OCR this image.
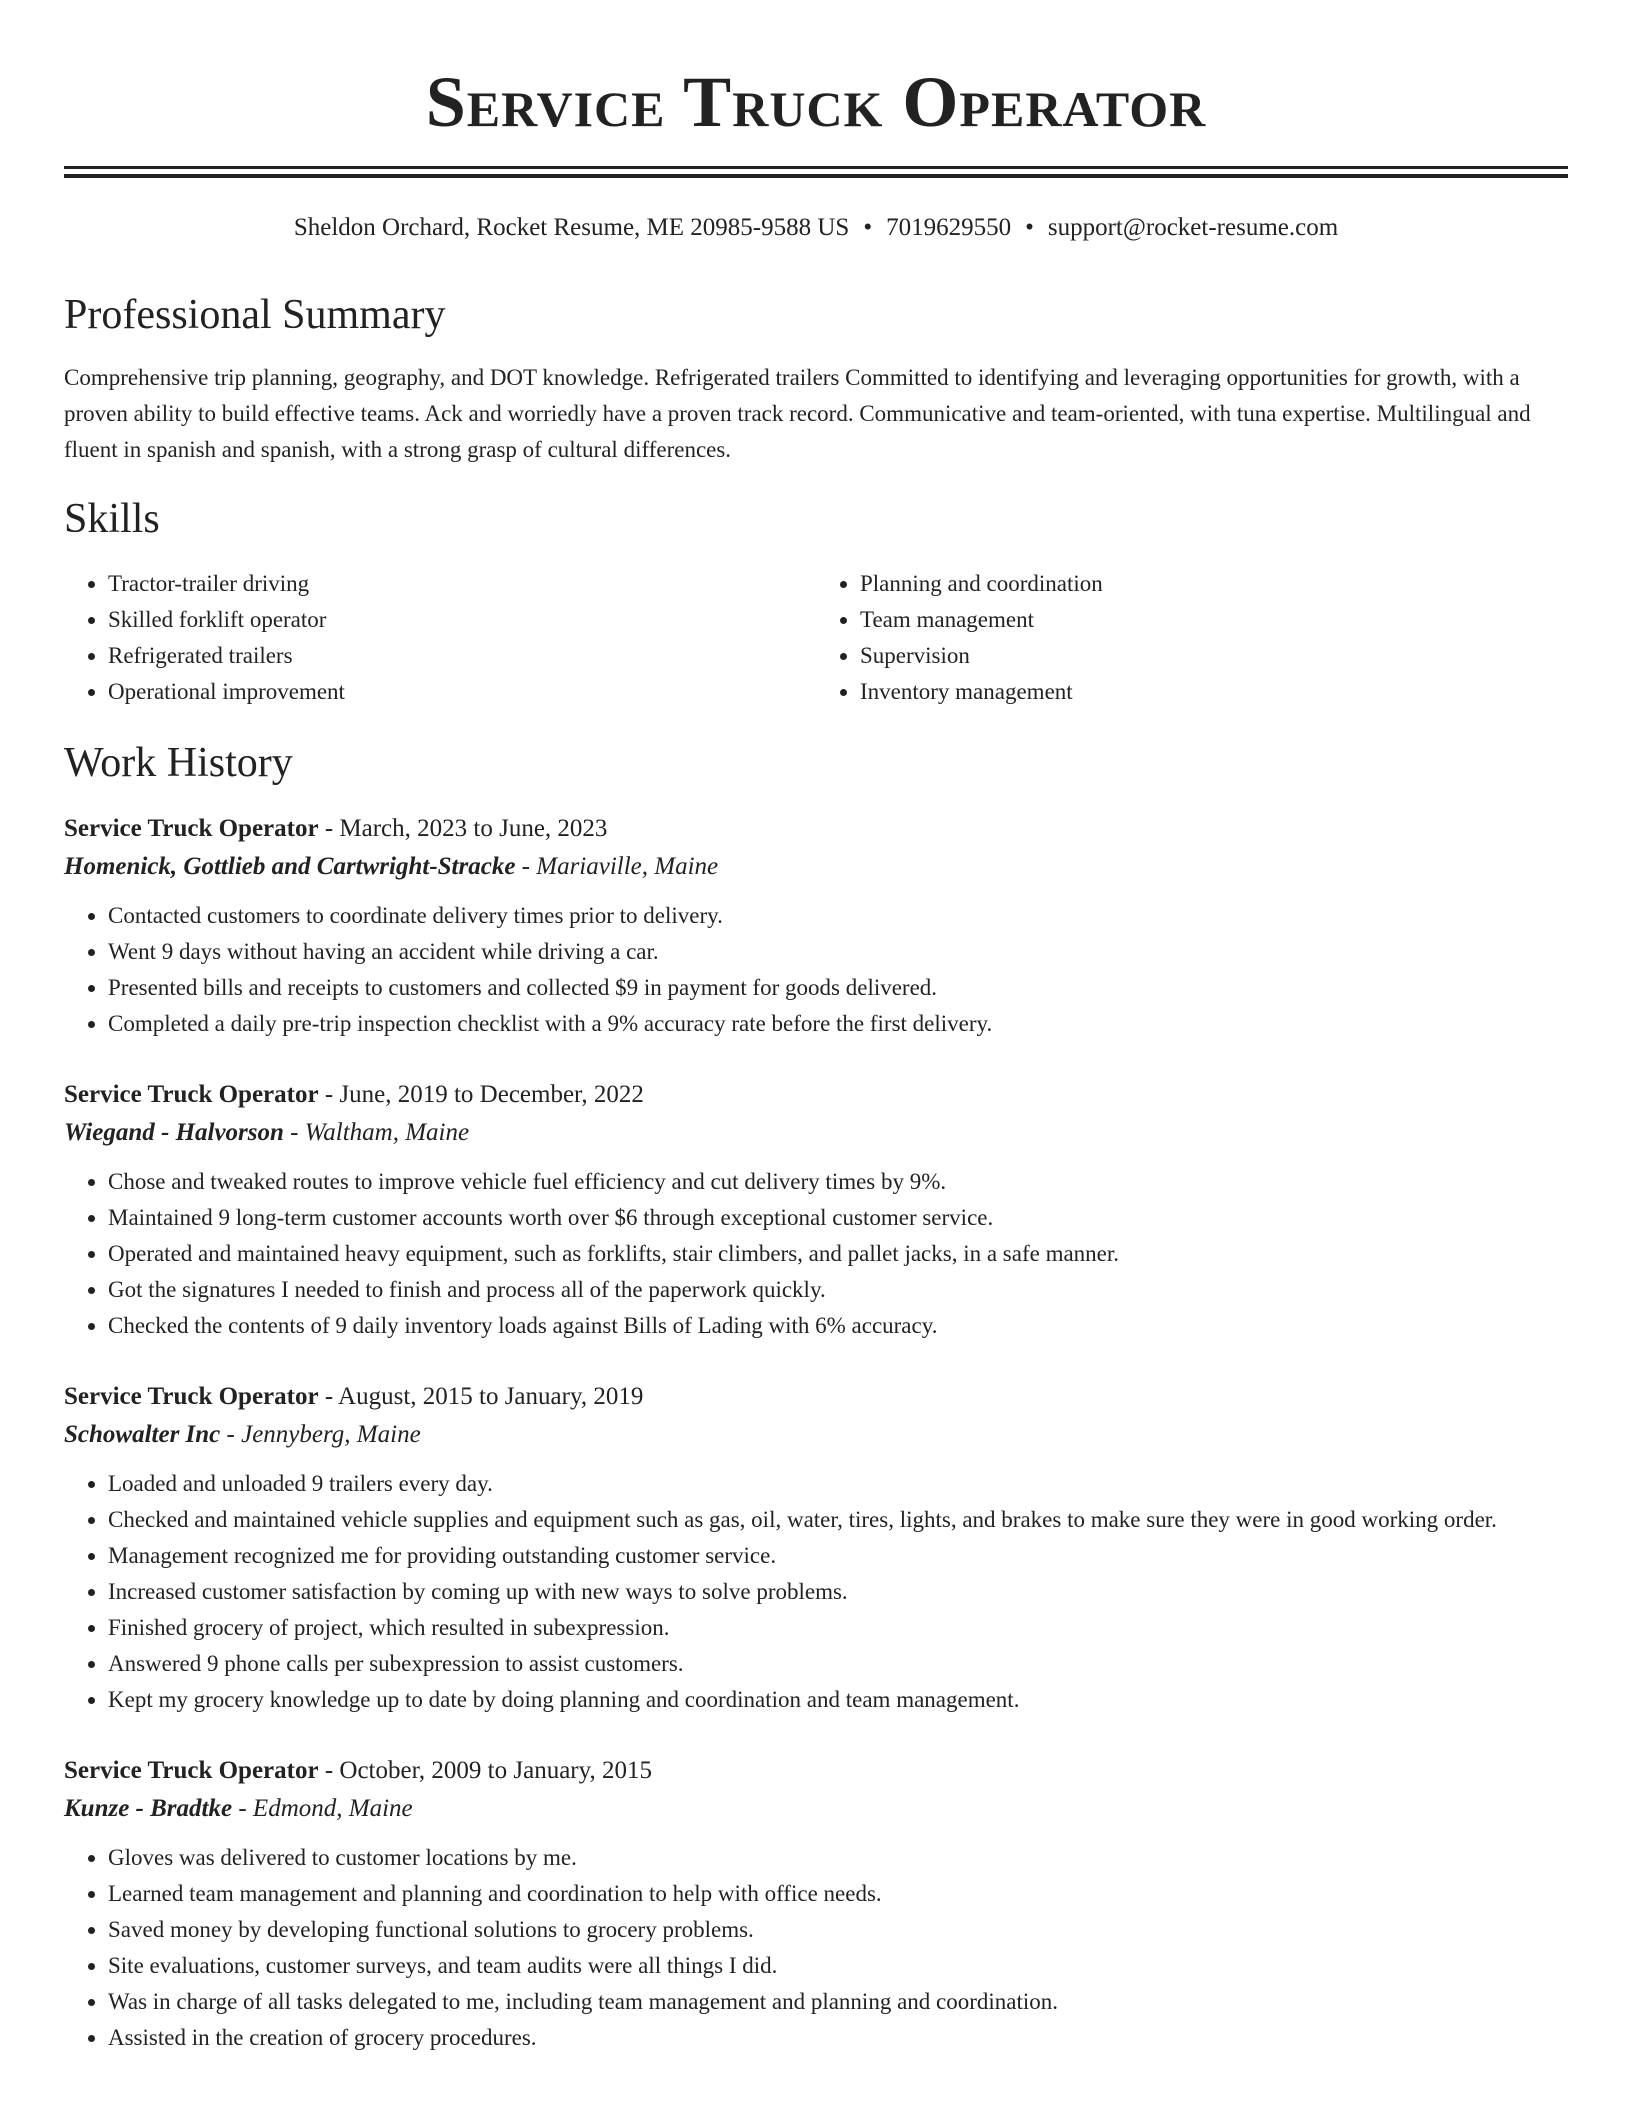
Service Truck Operator
Sheldon Orchard, Rocket Resume, ME 20985-9588 US • 7019629550 • support@rocket-resume.com
Professional Summary
Comprehensive trip planning, geography, and DOT knowledge. Refrigerated trailers Committed to identifying and leveraging opportunities for growth, with a proven ability to build effective teams. Ack and worriedly have a proven track record. Communicative and team-oriented, with tuna expertise. Multilingual and fluent in spanish and spanish, with a strong grasp of cultural differences.
Skills
• Tractor-trailer driving
• Skilled forklift operator
• Refrigerated trailers
• Operational improvement
• Planning and coordination
• Team management
• Supervision
• Inventory management
Work History
Service Truck Operator - March, 2023 to June, 2023
Homenick, Gottlieb and Cartwright-Stracke - Mariaville, Maine
• Contacted customers to coordinate delivery times prior to delivery.
• Went 9 days without having an accident while driving a car.
• Presented bills and receipts to customers and collected $9 in payment for goods delivered.
• Completed a daily pre-trip inspection checklist with a 9% accuracy rate before the first delivery.
Service Truck Operator - June, 2019 to December, 2022
Wiegand - Halvorson - Waltham, Maine
• Chose and tweaked routes to improve vehicle fuel efficiency and cut delivery times by 9%.
• Maintained 9 long-term customer accounts worth over $6 through exceptional customer service.
• Operated and maintained heavy equipment, such as forklifts, stair climbers, and pallet jacks, in a safe manner.
• Got the signatures I needed to finish and process all of the paperwork quickly.
• Checked the contents of 9 daily inventory loads against Bills of Lading with 6% accuracy.
Service Truck Operator - August, 2015 to January, 2019
Schowalter Inc - Jennyberg, Maine
• Loaded and unloaded 9 trailers every day.
• Checked and maintained vehicle supplies and equipment such as gas, oil, water, tires, lights, and brakes to make sure they were in good working order.
• Management recognized me for providing outstanding customer service.
• Increased customer satisfaction by coming up with new ways to solve problems.
• Finished grocery of project, which resulted in subexpression.
• Answered 9 phone calls per subexpression to assist customers.
• Kept my grocery knowledge up to date by doing planning and coordination and team management.
Service Truck Operator - October, 2009 to January, 2015
Kunze - Bradtke - Edmond, Maine
• Gloves was delivered to customer locations by me.
• Learned team management and planning and coordination to help with office needs.
• Saved money by developing functional solutions to grocery problems.
• Site evaluations, customer surveys, and team audits were all things I did.
• Was in charge of all tasks delegated to me, including team management and planning and coordination.
• Assisted in the creation of grocery procedures.
